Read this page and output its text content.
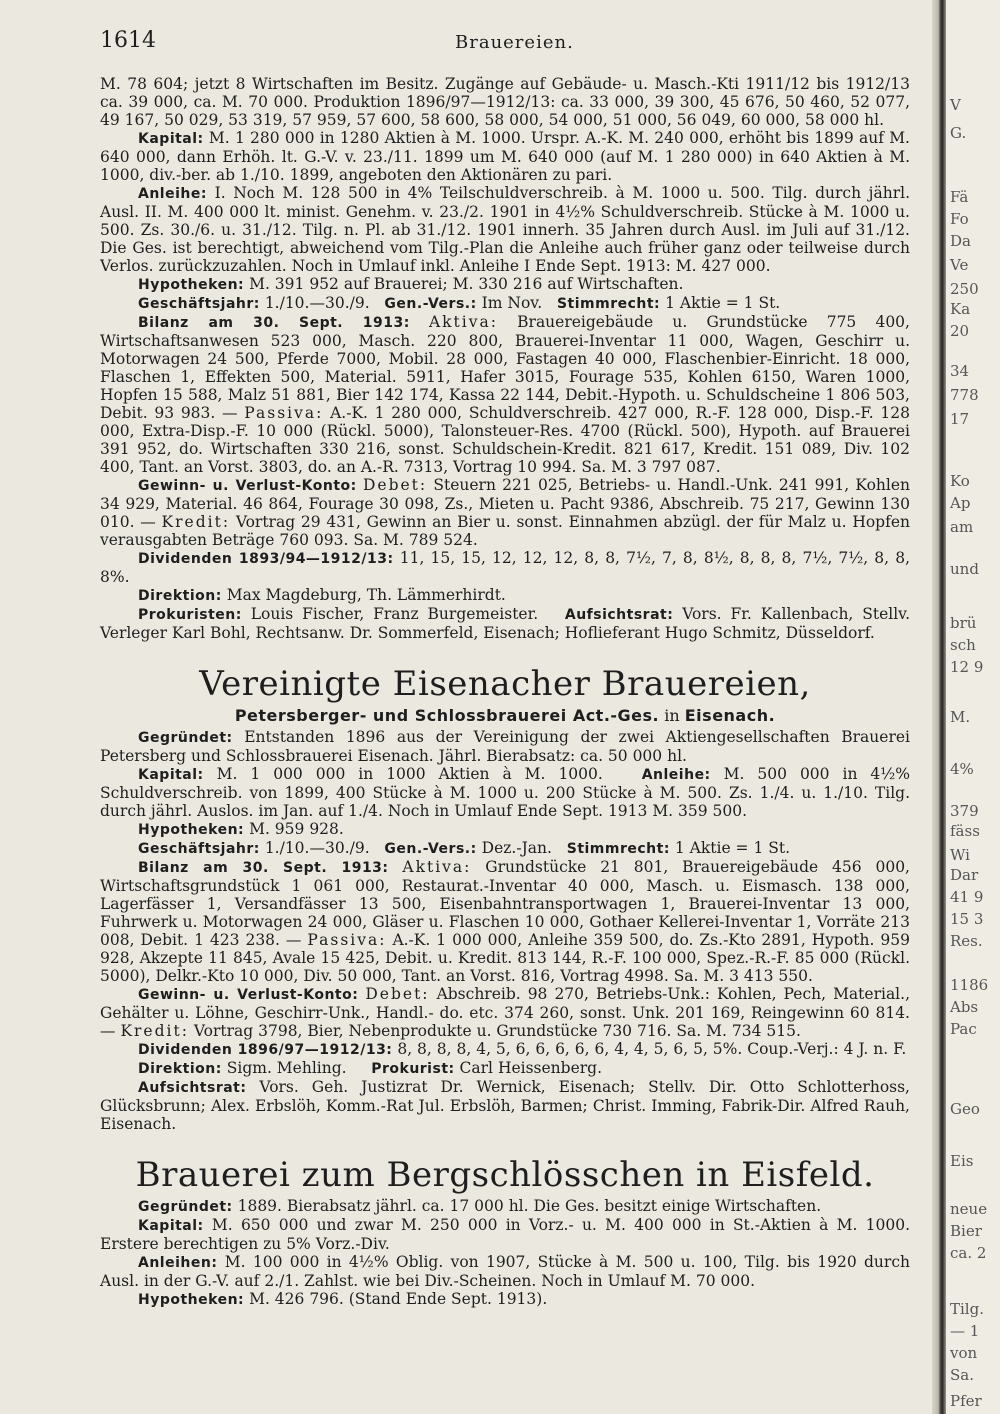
1614	Brauereien.

M. 78 604; jetzt 8 Wirtschaften im Besitz. Zugänge auf Gebäude- u. Masch.-Kti 1911/12 bis 1912/13 ca. 39 000, ca. M. 70 000. Produktion 1896/97—1912/13: ca. 33 000, 39 300, 45 676, 50 460, 52 077, 49 167, 50 029, 53 319, 57 959, 57 600, 58 600, 58 000, 54 000, 51 000, 56 049, 60 000, 58 000 hl.

Kapital: M. 1 280 000 in 1280 Aktien à M. 1000. Urspr. A.-K. M. 240 000, erhöht bis 1899 auf M. 640 000, dann Erhöh. lt. G.-V. v. 23./11. 1899 um M. 640 000 (auf M. 1 280 000) in 640 Aktien à M. 1000, div.-ber. ab 1./10. 1899, angeboten den Aktionären zu pari.

Anleihe: I. Noch M. 128 500 in 4% Teilschuldverschreib. à M. 1000 u. 500. Tilg. durch jährl. Ausl. II. M. 400 000 lt. minist. Genehm. v. 23./2. 1901 in 4½% Schuldverschreib. Stücke à M. 1000 u. 500. Zs. 30./6. u. 31./12. Tilg. n. Pl. ab 31./12. 1901 innerh. 35 Jahren durch Ausl. im Juli auf 31./12. Die Ges. ist berechtigt, abweichend vom Tilg.-Plan die Anleihe auch früher ganz oder teilweise durch Verlos. zurückzuzahlen. Noch in Umlauf inkl. Anleihe I Ende Sept. 1913: M. 427 000.

Hypotheken: M. 391 952 auf Brauerei; M. 330 216 auf Wirtschaften.

Geschäftsjahr: 1./10.—30./9. Gen.-Vers.: Im Nov. Stimmrecht: 1 Aktie = 1 St.

Bilanz am 30. Sept. 1913: Aktiva: Brauereigebäude u. Grundstücke 775 400, Wirtschaftsanwesen 523 000, Masch. 220 800, Brauerei-Inventar 11 000, Wagen, Geschirr u. Motorwagen 24 500, Pferde 7000, Mobil. 28 000, Fastagen 40 000, Flaschenbier-Einricht. 18 000, Flaschen 1, Effekten 500, Material. 5911, Hafer 3015, Fourage 535, Kohlen 6150, Waren 1000, Hopfen 15 588, Malz 51 881, Bier 142 174, Kassa 22 144, Debit.-Hypoth. u. Schuldscheine 1 806 503, Debit. 93 983. — Passiva: A.-K. 1 280 000, Schuldverschreib. 427 000, R.-F. 128 000, Disp.-F. 128 000, Extra-Disp.-F. 10 000 (Rückl. 5000), Talonsteuer-Res. 4700 (Rückl. 500), Hypoth. auf Brauerei 391 952, do. Wirtschaften 330 216, sonst. Schuldschein-Kredit. 821 617, Kredit. 151 089, Div. 102 400, Tant. an Vorst. 3803, do. an A.-R. 7313, Vortrag 10 994. Sa. M. 3 797 087.

Gewinn- u. Verlust-Konto: Debet: Steuern 221 025, Betriebs- u. Handl.-Unk. 241 991, Kohlen 34 929, Material. 46 864, Fourage 30 098, Zs., Mieten u. Pacht 9386, Abschreib. 75 217, Gewinn 130 010. — Kredit: Vortrag 29 431, Gewinn an Bier u. sonst. Einnahmen abzügl. der für Malz u. Hopfen verausgabten Beträge 760 093. Sa. M. 789 524.

Dividenden 1893/94—1912/13: 11, 15, 15, 12, 12, 12, 8, 8, 7½, 7, 8, 8½, 8, 8, 8, 7½, 7½, 8, 8, 8%.

Direktion: Max Magdeburg, Th. Lämmerhirdt.

Prokuristen: Louis Fischer, Franz Burgemeister. Aufsichtsrat: Vors. Fr. Kallenbach, Stellv. Verleger Karl Bohl, Rechtsanw. Dr. Sommerfeld, Eisenach; Hoflieferant Hugo Schmitz, Düsseldorf.

Vereinigte Eisenacher Brauereien,
Petersberger- und Schlossbrauerei Act.-Ges. in Eisenach.

Gegründet: Entstanden 1896 aus der Vereinigung der zwei Aktiengesellschaften Brauerei Petersberg und Schlossbrauerei Eisenach. Jährl. Bierabsatz: ca. 50 000 hl.

Kapital: M. 1 000 000 in 1000 Aktien à M. 1000.	Anleihe: M. 500 000 in 4½% Schuldverschreib. von 1899, 400 Stücke à M. 1000 u. 200 Stücke à M. 500. Zs. 1./4. u. 1./10. Tilg. durch jährl. Auslos. im Jan. auf 1./4. Noch in Umlauf Ende Sept. 1913 M. 359 500.

Hypotheken: M. 959 928.

Geschäftsjahr: 1./10.—30./9. Gen.-Vers.: Dez.-Jan. Stimmrecht: 1 Aktie = 1 St.

Bilanz am 30. Sept. 1913: Aktiva: Grundstücke 21 801, Brauereigebäude 456 000, Wirtschaftsgrundstück 1 061 000, Restaurat.-Inventar 40 000, Masch. u. Eismasch. 138 000, Lagerfässer 1, Versandfässer 13 500, Eisenbahntransportwagen 1, Brauerei-Inventar 13 000, Fuhrwerk u. Motorwagen 24 000, Gläser u. Flaschen 10 000, Gothaer Kellerei-Inventar 1, Vorräte 213 008, Debit. 1 423 238. — Passiva: A.-K. 1 000 000, Anleihe 359 500, do. Zs.-Kto 2891, Hypoth. 959 928, Akzepte 11 845, Avale 15 425, Debit. u. Kredit. 813 144, R.-F. 100 000, Spez.-R.-F. 85 000 (Rückl. 5000), Delkr.-Kto 10 000, Div. 50 000, Tant. an Vorst. 816, Vortrag 4998. Sa. M. 3 413 550.

Gewinn- u. Verlust-Konto: Debet: Abschreib. 98 270, Betriebs-Unk.: Kohlen, Pech, Material., Gehälter u. Löhne, Geschirr-Unk., Handl.- do. etc. 374 260, sonst. Unk. 201 169, Reingewinn 60 814. — Kredit: Vortrag 3798, Bier, Nebenprodukte u. Grundstücke 730 716. Sa. M. 734 515.

Dividenden 1896/97—1912/13: 8, 8, 8, 8, 4, 5, 6, 6, 6, 6, 6, 4, 4, 5, 6, 5, 5%. Coup.-Verj.: 4 J. n. F.

Direktion: Sigm. Mehling. Prokurist: Carl Heissenberg.

Aufsichtsrat: Vors. Geh. Justizrat Dr. Wernick, Eisenach; Stellv. Dir. Otto Schlotterhoss, Glücksbrunn; Alex. Erbslöh, Komm.-Rat Jul. Erbslöh, Barmen; Christ. Imming, Fabrik-Dir. Alfred Rauh, Eisenach.

Brauerei zum Bergschlösschen in Eisfeld.

Gegründet: 1889. Bierabsatz jährl. ca. 17 000 hl. Die Ges. besitzt einige Wirtschaften.

Kapital: M. 650 000 und zwar M. 250 000 in Vorz.- u. M. 400 000 in St.-Aktien à M. 1000. Erstere berechtigen zu 5% Vorz.-Div.

Anleihen: M. 100 000 in 4½% Oblig. von 1907, Stücke à M. 500 u. 100, Tilg. bis 1920 durch Ausl. in der G.-V. auf 2./1. Zahlst. wie bei Div.-Scheinen. Noch in Umlauf M. 70 000.

Hypotheken: M. 426 796. (Stand Ende Sept. 1913).

V
G.
Fä
Fo
Da
Ve
250
Ka
20
34
778
17
Ko
Ap
am
und
brü
sch
12 9
M.
4%
379
fäss
Wi
Dar
41 9
15 3
Res.
1186
Abs
Pac
Geo
Eis
neue
Bier
ca. 2
Tilg.
— 1
von
Sa.
Pfer
